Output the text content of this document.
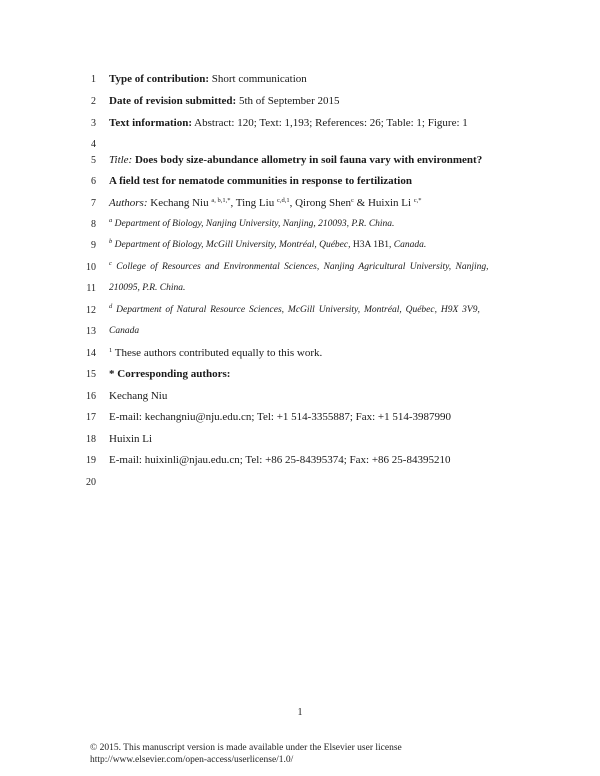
1 Type of contribution: Short communication
2 Date of revision submitted: 5th of September 2015
3 Text information: Abstract: 120; Text: 1,193; References: 26; Table: 1; Figure: 1
4
5 Title: Does body size-abundance allometry in soil fauna vary with environment?
6 A field test for nematode communities in response to fertilization
7 Authors: Kechang Niu $^{a, b,1,*}$, Ting Liu $^{c,d,1}$, Qirong Shen$^c$ & Huixin Li $^{c,*}$
8 $^a$ Department of Biology, Nanjing University, Nanjing, 210093, P.R. China.
9 $^b$ Department of Biology, McGill University, Montréal, Québec, H3A 1B1, Canada.
10 $^c$ College of Resources and Environmental Sciences, Nanjing Agricultural University, Nanjing,
11 210095, P.R. China.
12 $^d$ Department of Natural Resource Sciences, McGill University, Montréal, Québec, H9X 3V9,
13 Canada
14 $^1$ These authors contributed equally to this work.
15 * Corresponding authors:
16 Kechang Niu
17 E-mail: kechangniu@nju.edu.cn; Tel: +1 514-3355887; Fax: +1 514-3987990
18 Huixin Li
19 E-mail: huixinli@njau.edu.cn; Tel: +86 25-84395374; Fax: +86 25-84395210
20
1
© 2015. This manuscript version is made available under the Elsevier user license
http://www.elsevier.com/open-access/userlicense/1.0/
